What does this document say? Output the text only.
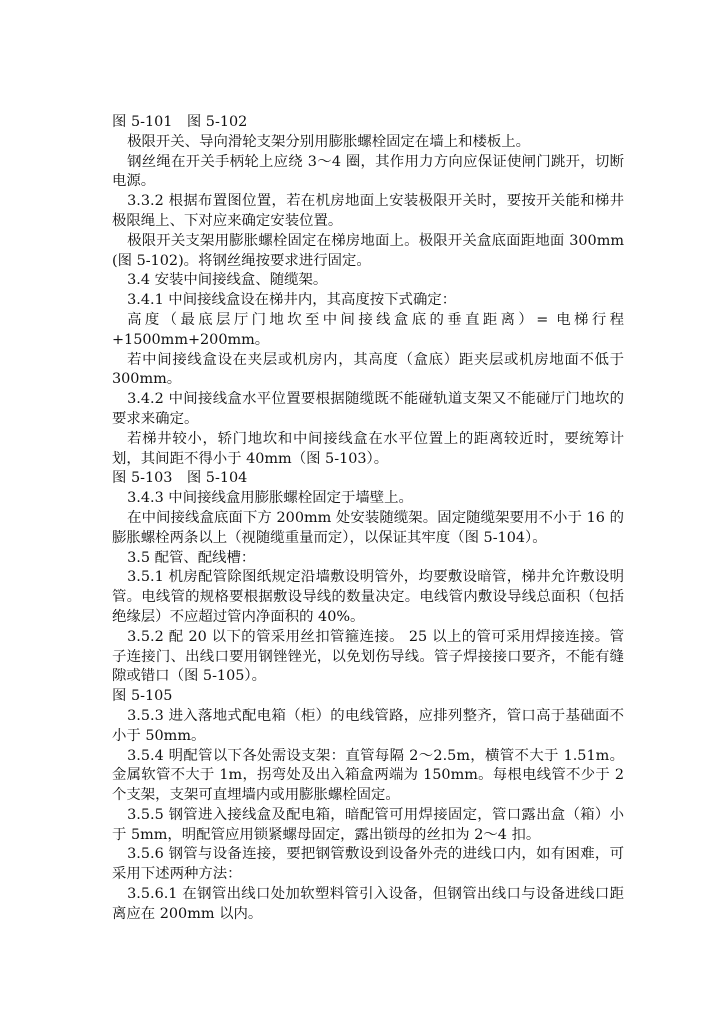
图 5-101　图 5-102

极限开关、导向滑轮支架分别用膨胀螺栓固定在墙上和楼板上。

钢丝绳在开关手柄轮上应绕 3～4 圈，其作用力方向应保证使闸门跳开，切断电源。

3.3.2 根据布置图位置，若在机房地面上安装极限开关时，要按开关能和梯井极限绳上、下对应来确定安装位置。

极限开关支架用膨胀螺栓固定在梯房地面上。极限开关盒底面距地面 300mm (图 5-102)。将钢丝绳按要求进行固定。

3.4 安装中间接线盒、随缆架。

3.4.1 中间接线盒设在梯井内，其高度按下式确定：

高度（最底层厅门地坎至中间接线盒底的垂直距离）= 电梯行程+1500mm+200mm。

若中间接线盒设在夹层或机房内，其高度（盒底）距夹层或机房地面不低于 300mm。

3.4.2 中间接线盒水平位置要根据随缆既不能碰轨道支架又不能碰厅门地坎的要求来确定。

若梯井较小，轿门地坎和中间接线盒在水平位置上的距离较近时，要统筹计划，其间距不得小于 40mm（图 5-103）。

图 5-103　图 5-104

3.4.3 中间接线盒用膨胀螺栓固定于墙壁上。

在中间接线盒底面下方 200mm 处安装随缆架。固定随缆架要用不小于 16 的膨胀螺栓两条以上（视随缆重量而定），以保证其牢度（图 5-104）。

3.5 配管、配线槽：

3.5.1 机房配管除图纸规定沿墙敷设明管外，均要敷设暗管，梯井允许敷设明管。电线管的规格要根据敷设导线的数量决定。电线管内敷设导线总面积（包括绝缘层）不应超过管内净面积的 40%。

3.5.2 配 20 以下的管采用丝扣管箍连接。 25 以上的管可采用焊接连接。管子连接门、出线口要用钢锉锉光，以免划伤导线。管子焊接接口要齐，不能有缝隙或错口（图 5-105）。

图 5-105

3.5.3 进入落地式配电箱（柜）的电线管路，应排列整齐，管口高于基础面不小于 50mm。

3.5.4 明配管以下各处需设支架：直管每隔 2～2.5m，横管不大于 1.51m。金属软管不大于 1m，拐弯处及出入箱盒两端为 150mm。每根电线管不少于 2 个支架，支架可直埋墙内或用膨胀螺栓固定。

3.5.5 钢管进入接线盒及配电箱，暗配管可用焊接固定，管口露出盒（箱）小于 5mm，明配管应用锁紧螺母固定，露出锁母的丝扣为 2～4 扣。

3.5.6 钢管与设备连接，要把钢管敷设到设备外壳的进线口内，如有困难，可采用下述两种方法：

3.5.6.1 在钢管出线口处加软塑料管引入设备，但钢管出线口与设备进线口距离应在 200mm 以内。
